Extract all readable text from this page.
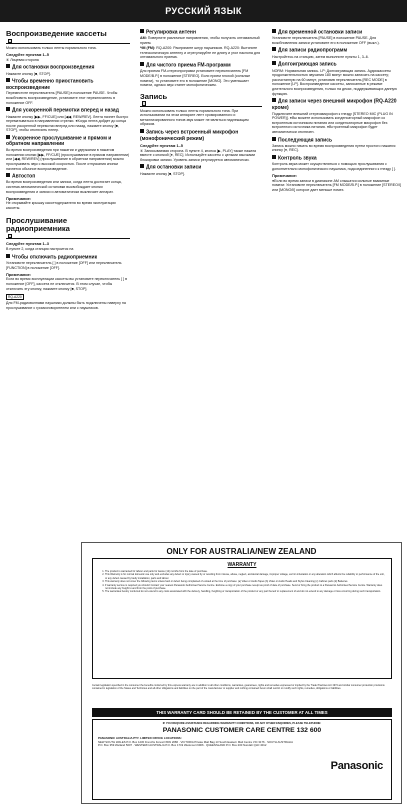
РУССКИЙ ЯЗЫК
Воспроизведение кассеты

Можно использовать только ленты нормального типа.

Следуйте пунктам 1–5

④ Лицевая сторона

Для остановки воспроизведения

Нажмите кнопку [■, STOP].

Чтобы временно приостановить воспроизведение

Переместите переключатель [PAUSE] в положение PAUSE. Чтобы возобновить воспроизведение, установите этот переключатель в положение OFF.

Для ускоренной перемотки вперед и назад

Нажмите кнопку [▶▶, FF/CUE] или [◀◀, REW/REV]. Лента начнет быстро перематываться в направлении стрелки. ●Когда лента дойдет до конца после ускоренной перемотки вперед или назад, нажмите кнопку [■, STOP], чтобы отключить плеер.

Ускоренное прослушивание и прямом и обратном направлении

Во время воспроизведения при нажатии и удержании в нажатом положении кнопки [▶▶, FF/CUE] (прослушивание в прямом направлении) или [◀◀, REW/REV] (прослушивание в обратном направлении) можно прослушивать звук с высокой скоростью. После отпускания кнопки начнется обычное воспроизведение.

Автостоп

Во время воспроизведения или записи, когда лента достигает конца, система автоматической остановки высвобождает кнопки воспроизведения и записи и автоматически выключает аппарат.

Примечание:

Не открывайте крышку кассетодержателя во время эксплуатации кассеты.

Прослушивание радиоприемника
Следуйте пунктам 1–3

В пункте 2, когда станция настроится на

Чтобы отключить радиоприемник

Установите переключатель [ ] в положение [OFF] или переключатель [FUNCTION] в положение [OFF].

Примечание:

Если во время эксплуатации кассеты вы установите переключатель [ ] в положение [OFF], кассета не отключится. В этом случае, чтобы отключить эту кнопку, нажмите кнопку [■, STOP].

RQ-A220

Для FM-радиоволнами наушники должны быть подключены наверху на прослушивание с громкоговорителем или с наушников.

Регулировка антенн

AM: Поверните различные направления, чтобы получить оптимальный прием.

ЧМ (FM): RQ-A200: Распрямите шнур наушников. RQ-A220: Вытяните телескопическую антенну и отрегулируйте ее длину и угол наклона для оптимального приема.

Для чистого приема FM-программ

Для приема FM-стереопрограмм установите переключатель [FM MODE/B.P.] в положение [STEREO]. Если прием плохой (сильные помехи), то установите его в положение [MONO]. Это уменьшает помехи, однако звук станет монофоническим.

Запись

Можно использовать только ленты нормального типа. При использовании на этом аппарате лент хромированного и металлизированного типов звук может не являться надлежащим образом.

Запись через встроенный микрофон (монофонический режим)
Следуйте пунктам 1–5

④ Записываемая сторона. В пункте 4, кнопка [▶, PLAY] также нажата вместе с кнопкой [●, REC]. Используйте кассеты с целыми язычками блокировки записи. Уровень записи регулируется автоматически.

Для остановки записи

Нажмите кнопку [■, STOP].

Для временной остановки записи

Установите переключатель [PAUSE] в положение PAUSE. Для возобновления записи установите его в положение OFF (выкл.).

Для записи радиопрограмм

Настройтесь на станцию, затем выполните пункты 1, 3–6.

Долгоиграющая запись

NORM: Нормальная запись. LP: Долгоиграющая запись. Аудиокассеты продолжительностью звучания 180 минут можно записать на кассету; рассчитанную на 60 минут, установив переключатель [REC MODE] в положение [LP]. Воспроизведение кассеты, записанные в режиме длительного воспроизведения, только на деках, поддерживающих данную функцию.

Для записи через внешний микрофон (RQ-A220 кроме)

Подключите внешний стереомикрофон к гнезду [STEREO MIC (PLUG IN POWER)]. ●Вы можете использовать конденсаторный микрофон со встроенным источником питания или конденсаторные микрофон без встроенного источника питания. ●Встроенный микрофон будет автоматически отключен.

Последующая запись

Запись можно начать во время воспроизведения путем простого нажатия кнопку [●, REC].

Контроль звука

Контроль звука может осуществляться с помощью прослушивания с дополнительно монофонического наушника, подсоединенного к гнезду [ ].

Примечание:

●Если во время записи в диапазоне AM слышатся сильные взаимные помехи: Установите переключатель [FM MODE/B.P.] в положение [STEREO/I] или [MONO/II] которое дает меньше помех.

ONLY FOR AUSTRALIA/NEW ZEALAND
WARRANTY
1. The product is warranted for labour and parts for twelve (12) months from the date of purchase.
2. This Warranty is for normal domestic use only and excludes any defect or injury caused by or resulting from misuse, abuse, neglect, accidental damage, improper voltage, vermin infestation or any alteration which affects the reliability or performance of the unit, or any defect caused by faulty installation, parts and labour.
3. This warranty does not cover the following items unless fault or defect being complained of existed at the time of purchase: (a) Video or Audio Tapes (b) Video or Audio Heads and Stylus Cleaning (c) Cabinet parts (d) Batteries.
4. If warranty service is required you should: Contact your nearest Panasonic Authorised Service Centre. Endorse a copy of your purchase receipt as proof of date of purchase. Send or bring the product to a Panasonic Authorised Service Centre. Warranty does not include any freight to and from the point of purchase.
5. The warranties hereby conferred do not extend to any costs associated with the delivery, handling, freighting or transportation of the product or any part thereof or replacement of and do not extend to any damage or loss occurring during such transportation.
Certain legislation specified in the consumer the benefits conferred by this express warranty are in addition to all other conditions, warranties, guarantees, rights and remedies expressed or implied by the Trade Practices Act 1974 and similar consumer protection provisions contained in legislation of the States and Territories and all other obligations and liabilities on the part of the manufacturer or supplier and nothing contained herein shall restrict or modify such rights, remedies, obligations or liabilities.
THIS WARRANTY CARD SHOULD BE RETAINED BY THE CUSTOMER AT ALL TIMES
IF YOU REQUIRE ASSISTANCE REGARDING WARRANTY CONDITIONS, OR ANY OTHER ENQUIRIES, PLEASE TELEPHONE:
PANASONIC CUSTOMER CARE CENTRE 132 600
PANASONIC AUSTRALIA PTY. LIMITED OFFICE LOCATIONS:
NEW SOUTH WALES P.O. Box 1230 Frenchs Forest NSW 2086 · VICTORIA Private Mail Bag 13 South Eastern Mail Centre VIC 3176 · SOUTH AUSTRALIA P.O. Box 359 Welland 5007 · WESTERN AUSTRALIA P.O. Box 1719 Westcourt 6906 · QUEENSLAND P.O. Box 200 Nundah QLD 4012
Panasonic
